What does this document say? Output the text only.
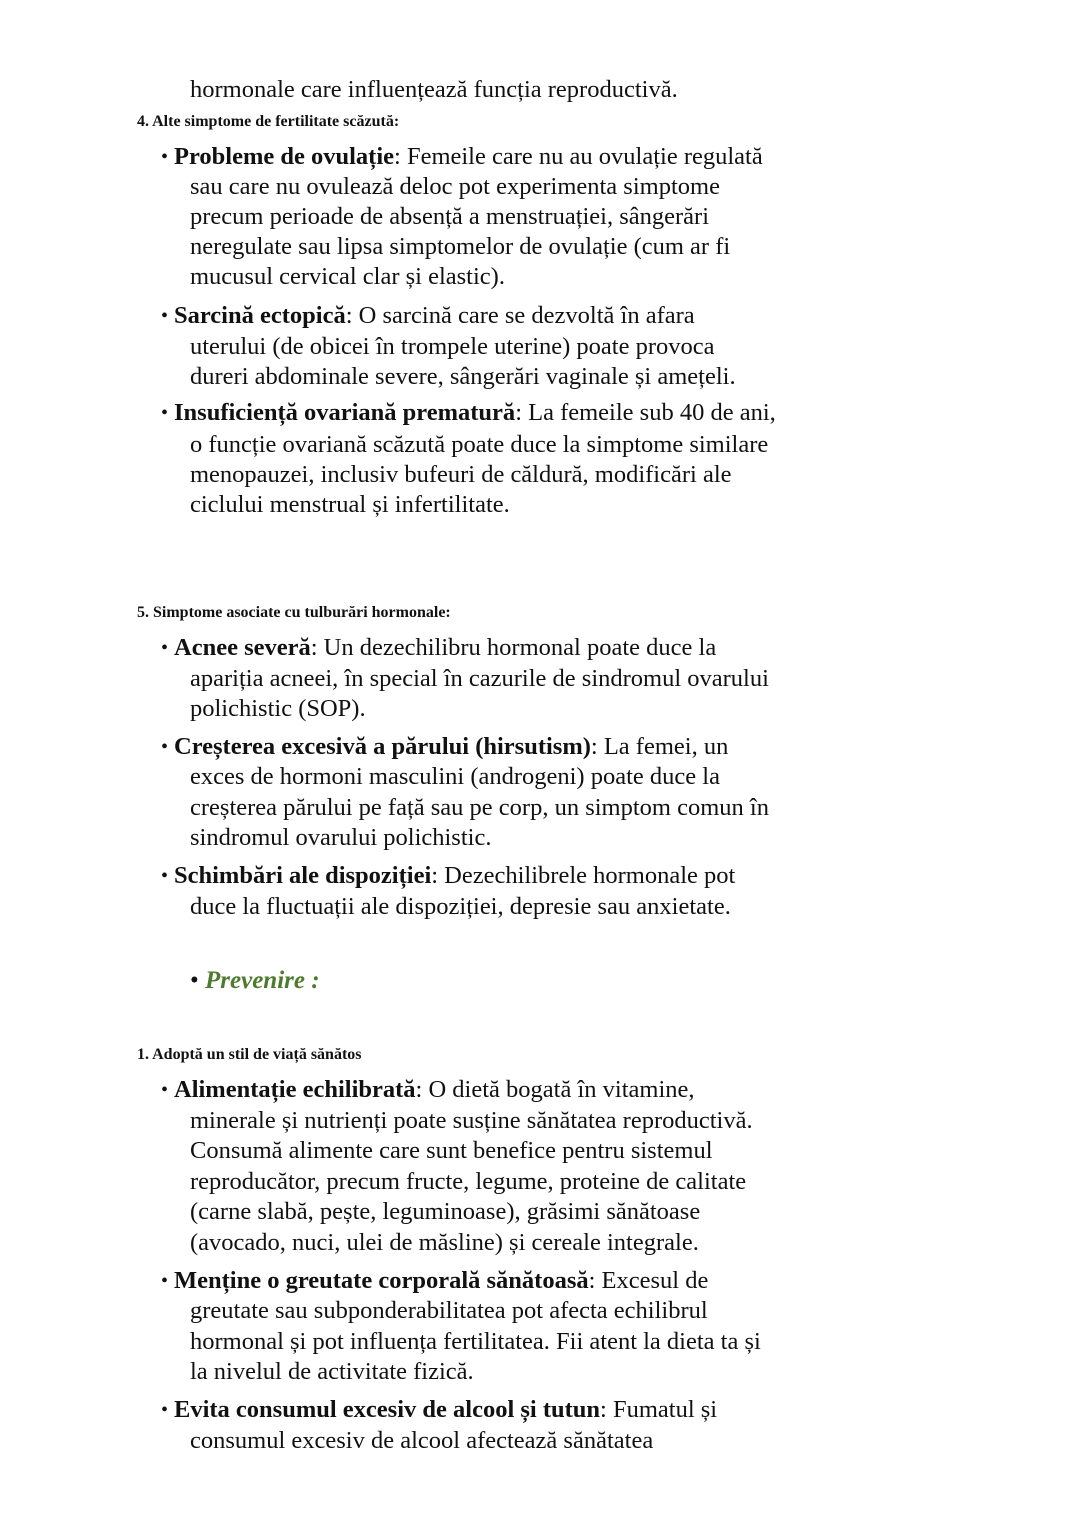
hormonale care influențează funcția reproductivă.
• Prevenire :
4. Alte simptome de fertilitate scăzută:
• Probleme de ovulație: Femeile care nu au ovulație regulată
sau care nu ovulează deloc pot experimenta simptome
precum perioade de absență a menstruației, sângerări
neregulate sau lipsa simptomelor de ovulație (cum ar fi
mucusul cervical clar și elastic).
• Sarcină ectopică: O sarcină care se dezvoltă în afara
uterului (de obicei în trompele uterine) poate provoca
dureri abdominale severe, sângerări vaginale și amețeli.
• Insuficiență ovariană prematură: La femeile sub 40 de ani,
o funcție ovariană scăzută poate duce la simptome similare
menopauzei, inclusiv bufeuri de căldură, modificări ale
ciclului menstrual și infertilitate.
5. Simptome asociate cu tulburări hormonale:
• Acnee severă: Un dezechilibru hormonal poate duce la
apariția acneei, în special în cazurile de sindromul ovarului
polichistic (SOP).
• Creșterea excesivă a părului (hirsutism): La femei, un
exces de hormoni masculini (androgeni) poate duce la
creșterea părului pe față sau pe corp, un simptom comun în
sindromul ovarului polichistic.
• Schimbări ale dispoziției: Dezechilibrele hormonale pot
duce la fluctuații ale dispoziției, depresie sau anxietate.
1. Adoptă un stil de viață sănătos
• Alimentație echilibrată: O dietă bogată în vitamine,
minerale și nutrienți poate susține sănătatea reproductivă.
Consumă alimente care sunt benefice pentru sistemul
reproducător, precum fructe, legume, proteine de calitate
(carne slabă, pește, leguminoase), grăsimi sănătoase
(avocado, nuci, ulei de măsline) și cereale integrale.
• Menține o greutate corporală sănătoasă: Excesul de
greutate sau subponderabilitatea pot afecta echilibrul
hormonal și pot influența fertilitatea. Fii atent la dieta ta și
la nivelul de activitate fizică.
• Evita consumul excesiv de alcool și tutun: Fumatul și
consumul excesiv de alcool afectează sănătatea
